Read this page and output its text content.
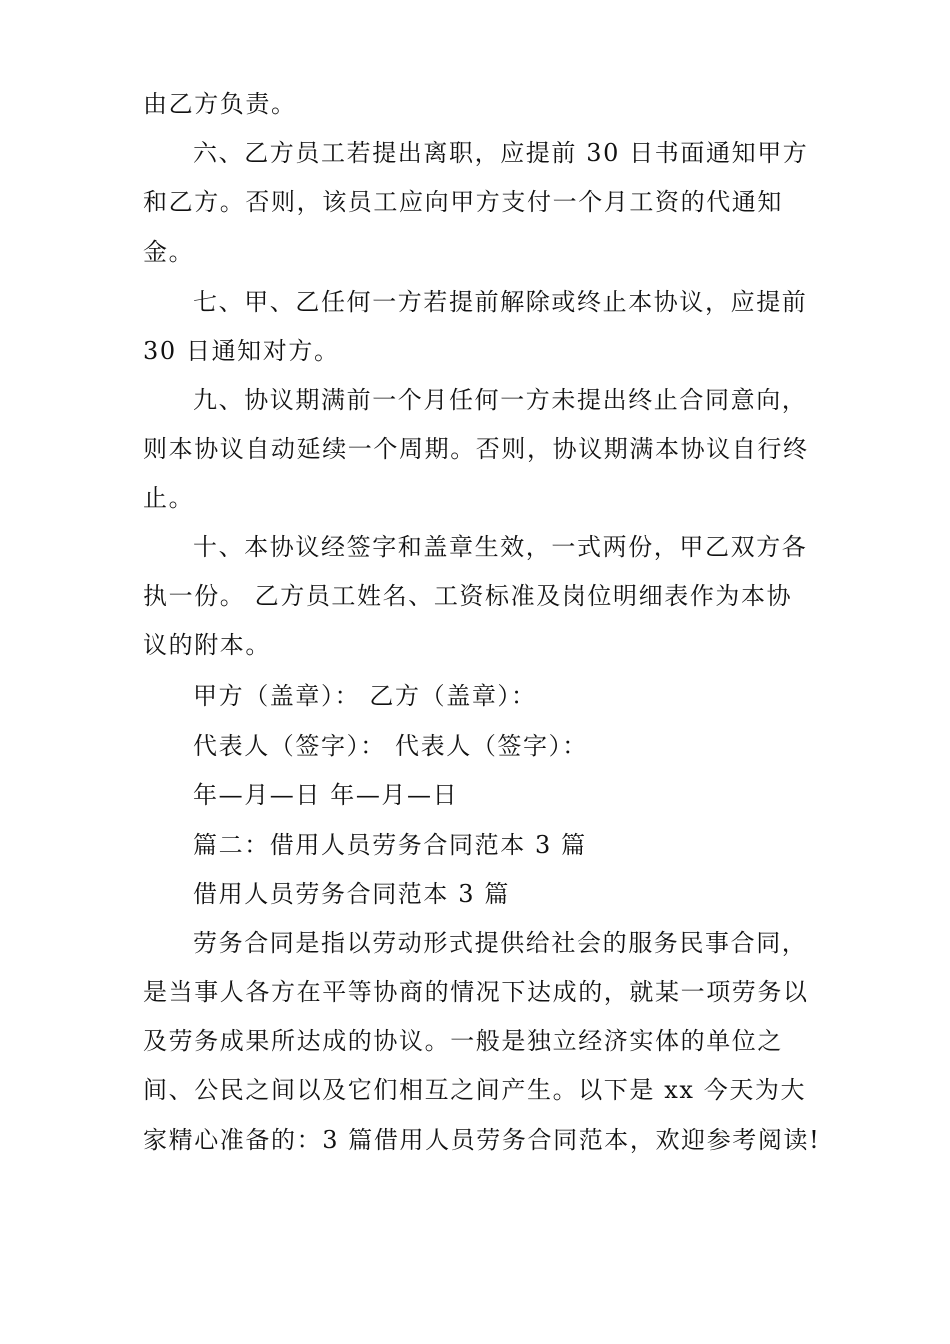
由乙方负责。

六、乙方员工若提出离职，应提前 30 日书面通知甲方

和乙方。否则，该员工应向甲方支付一个月工资的代通知

金。

七、甲、乙任何一方若提前解除或终止本协议，应提前

30 日通知对方。

九、协议期满前一个月任何一方未提出终止合同意向，

则本协议自动延续一个周期。否则，协议期满本协议自行终

止。

十、本协议经签字和盖章生效，一式两份，甲乙双方各

执一份。 乙方员工姓名、工资标准及岗位明细表作为本协

议的附本。

甲方（盖章）： 乙方（盖章）：

代表人（签字）： 代表人（签字）：

年—月—日 年—月—日

篇二：借用人员劳务合同范本 3 篇

借用人员劳务合同范本 3 篇

劳务合同是指以劳动形式提供给社会的服务民事合同，

是当事人各方在平等协商的情况下达成的，就某一项劳务以

及劳务成果所达成的协议。一般是独立经济实体的单位之

间、公民之间以及它们相互之间产生。以下是 xx 今天为大

家精心准备的：3 篇借用人员劳务合同范本，欢迎参考阅读!
